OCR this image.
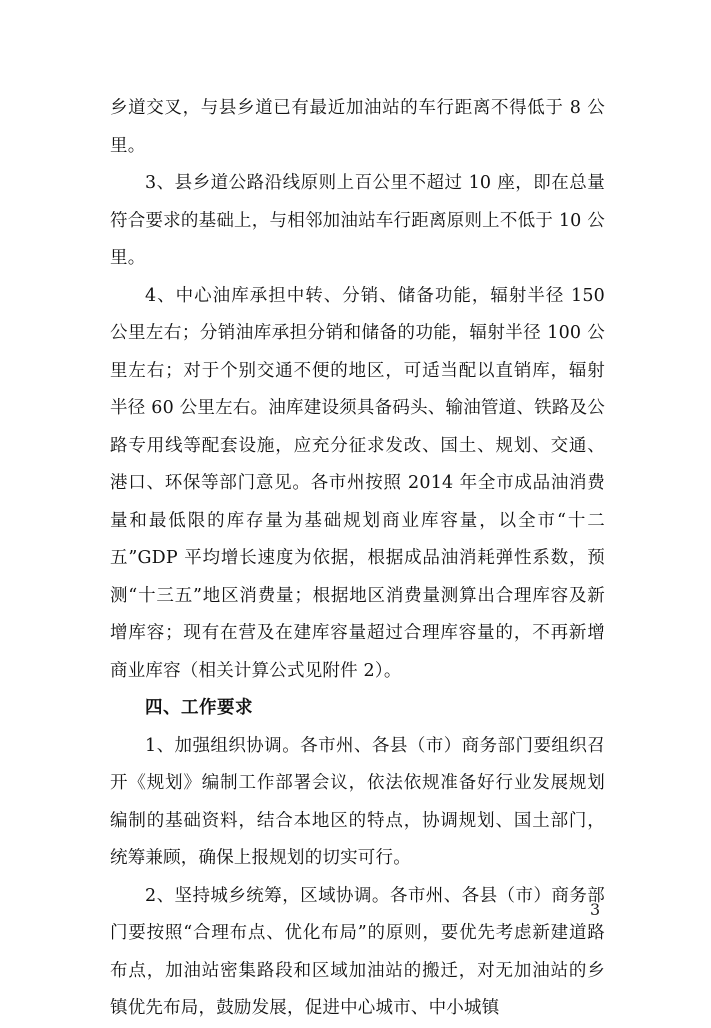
乡道交叉，与县乡道已有最近加油站的车行距离不得低于 8 公里。

3、县乡道公路沿线原则上百公里不超过 10 座，即在总量符合要求的基础上，与相邻加油站车行距离原则上不低于 10 公里。

4、中心油库承担中转、分销、储备功能，辐射半径 150 公里左右；分销油库承担分销和储备的功能，辐射半径 100 公里左右；对于个别交通不便的地区，可适当配以直销库，辐射半径 60 公里左右。油库建设须具备码头、输油管道、铁路及公路专用线等配套设施，应充分征求发改、国土、规划、交通、港口、环保等部门意见。各市州按照 2014 年全市成品油消费量和最低限的库存量为基础规划商业库容量，以全市“十二五”GDP 平均增长速度为依据，根据成品油消耗弹性系数，预测“十三五”地区消费量；根据地区消费量测算出合理库容及新增库容；现有在营及在建库容量超过合理库容量的，不再新增商业库容（相关计算公式见附件 2）。

四、工作要求

1、加强组织协调。各市州、各县（市）商务部门要组织召开《规划》编制工作部署会议，依法依规准备好行业发展规划编制的基础资料，结合本地区的特点，协调规划、国土部门，统筹兼顾，确保上报规划的切实可行。

2、坚持城乡统筹，区域协调。各市州、各县（市）商务部门要按照“合理布点、优化布局”的原则，要优先考虑新建道路布点，加油站密集路段和区域加油站的搬迁，对无加油站的乡镇优先布局，鼓励发展，促进中心城市、中小城镇

3
